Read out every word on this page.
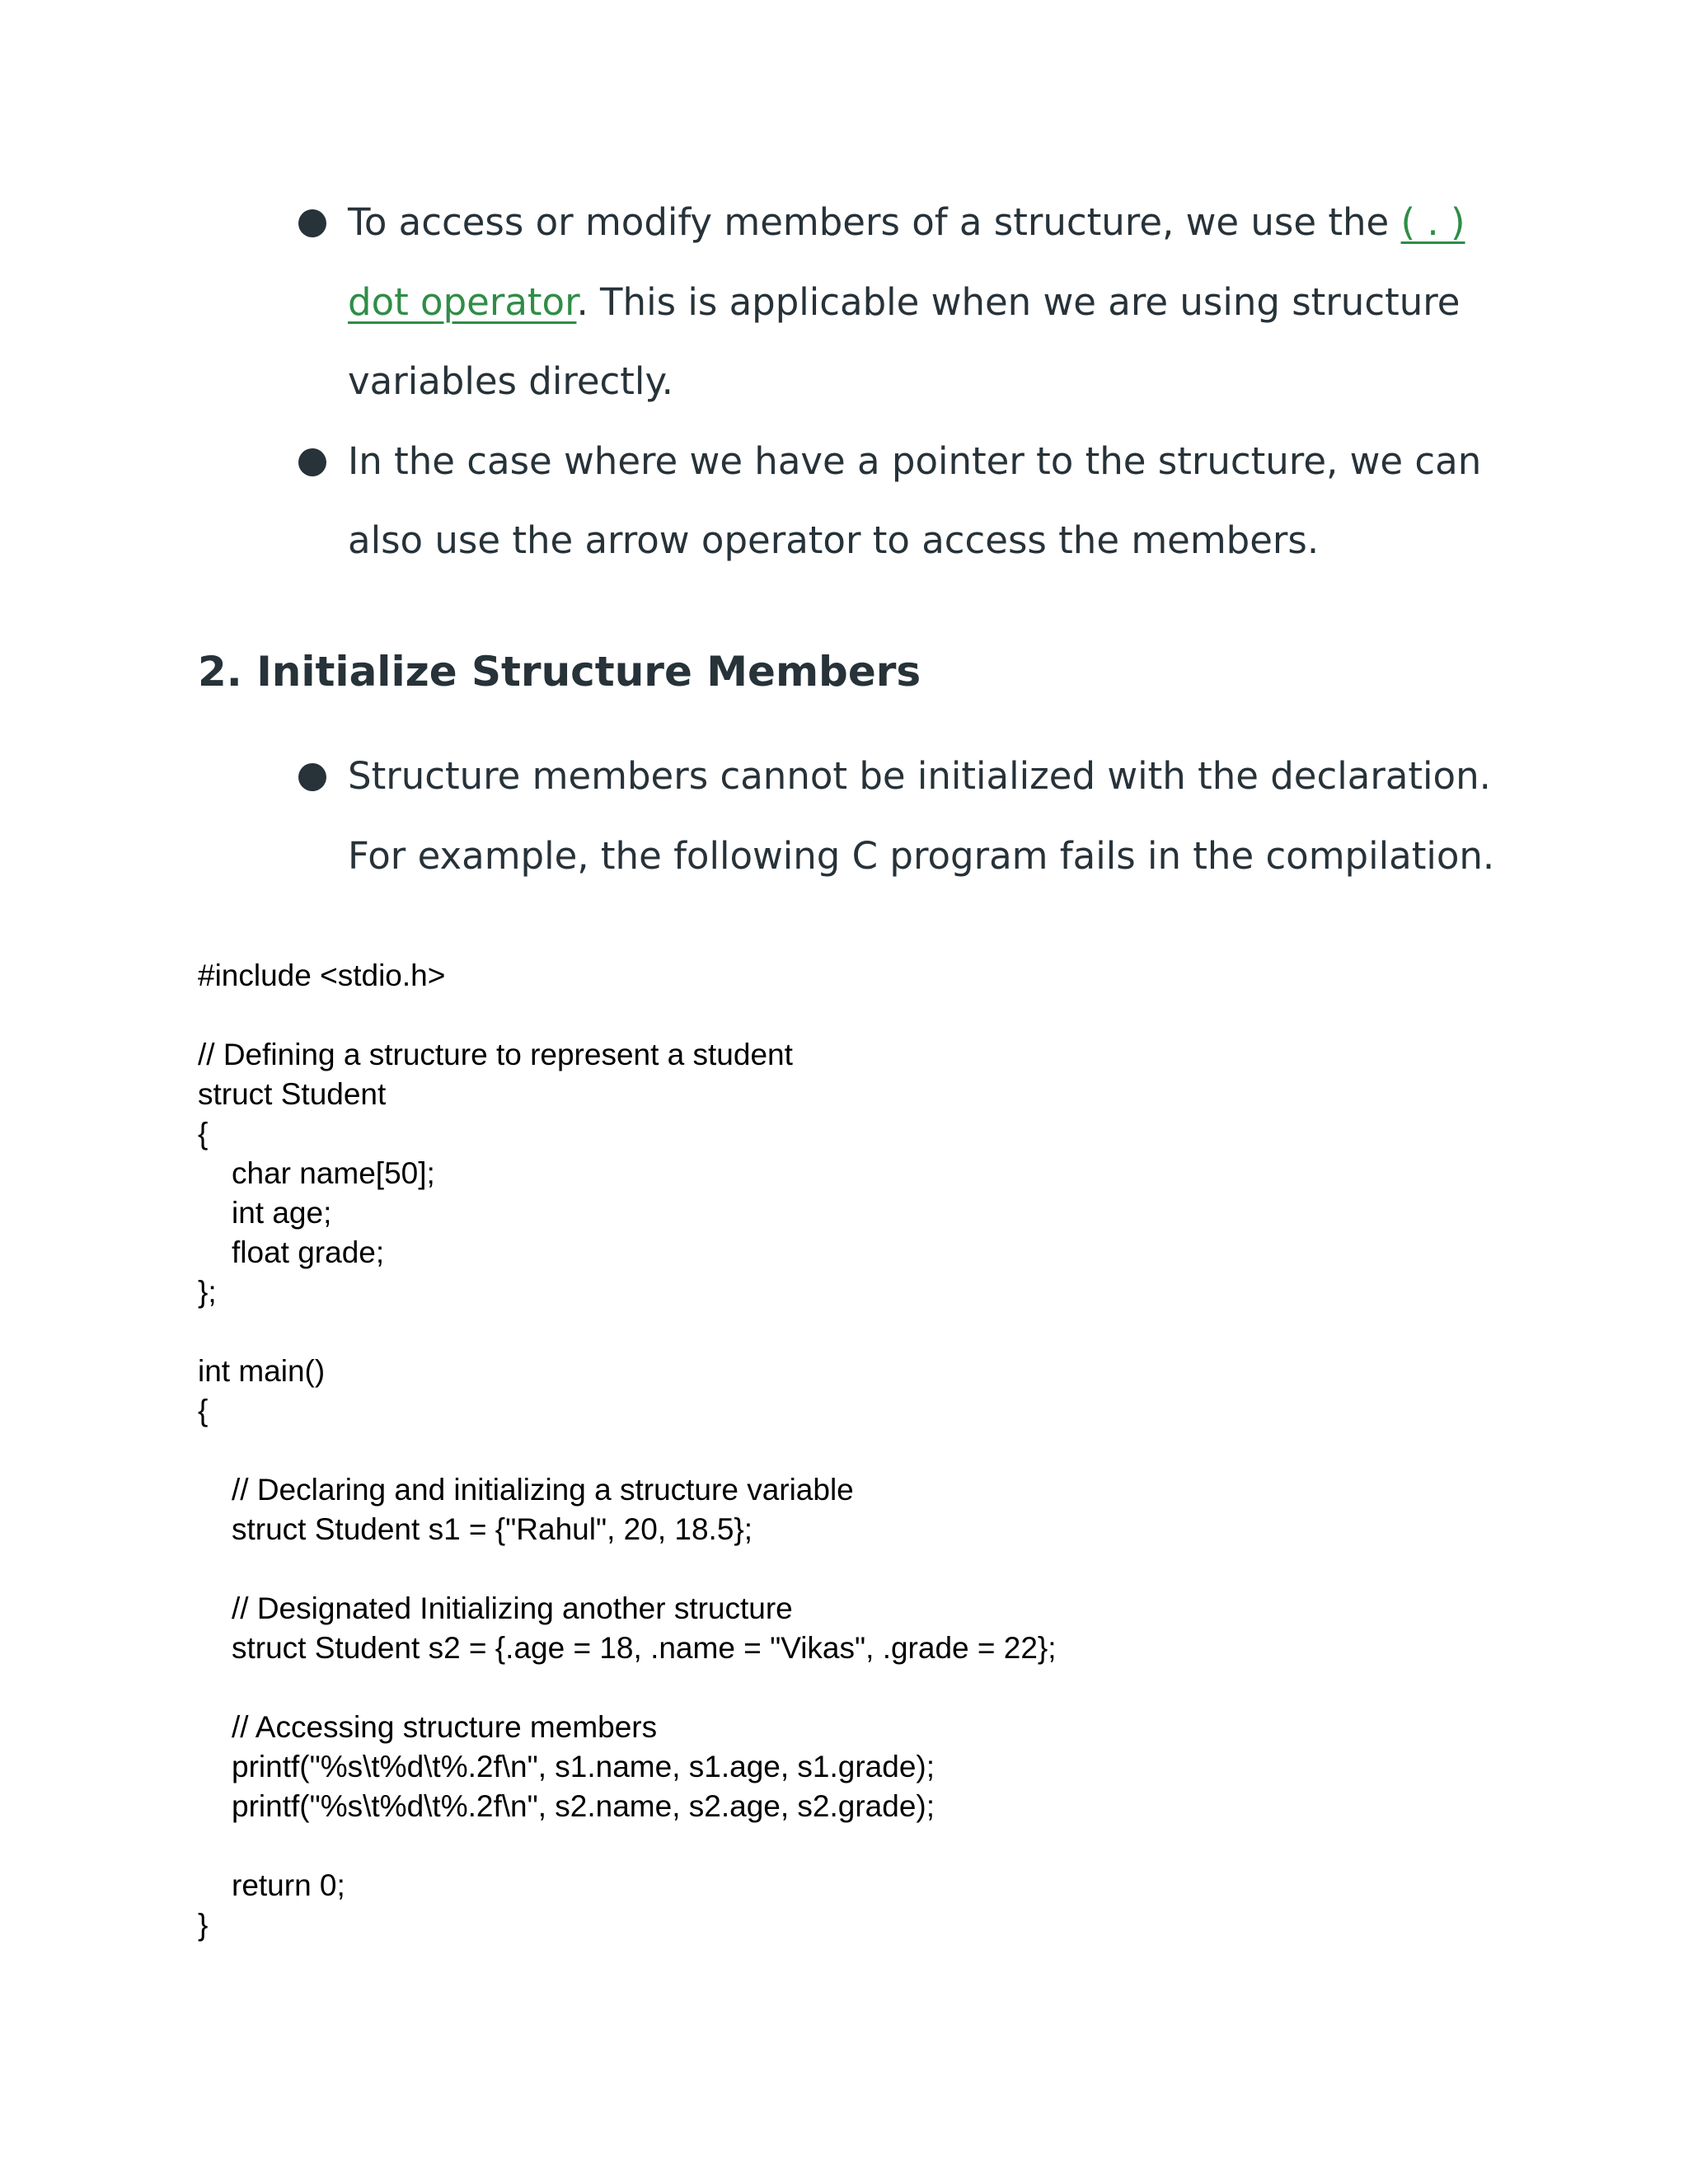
To access or modify members of a structure, we use the ( . ) dot operator. This is applicable when we are using structure variables directly.
In the case where we have a pointer to the structure, we can also use the arrow operator to access the members.
2. Initialize Structure Members
Structure members cannot be initialized with the declaration. For example, the following C program fails in the compilation.
#include <stdio.h>
// Defining a structure to represent a student
struct Student
{
char name[50];
int age;
float grade;
};
int main()
{
// Declaring and initializing a structure variable
struct Student s1 = {"Rahul", 20, 18.5};
// Designated Initializing another structure
struct Student s2 = {.age = 18, .name = "Vikas", .grade = 22};
// Accessing structure members
printf("%s\t%d\t%.2f\n", s1.name, s1.age, s1.grade);
printf("%s\t%d\t%.2f\n", s2.name, s2.age, s2.grade);
return 0;
}
